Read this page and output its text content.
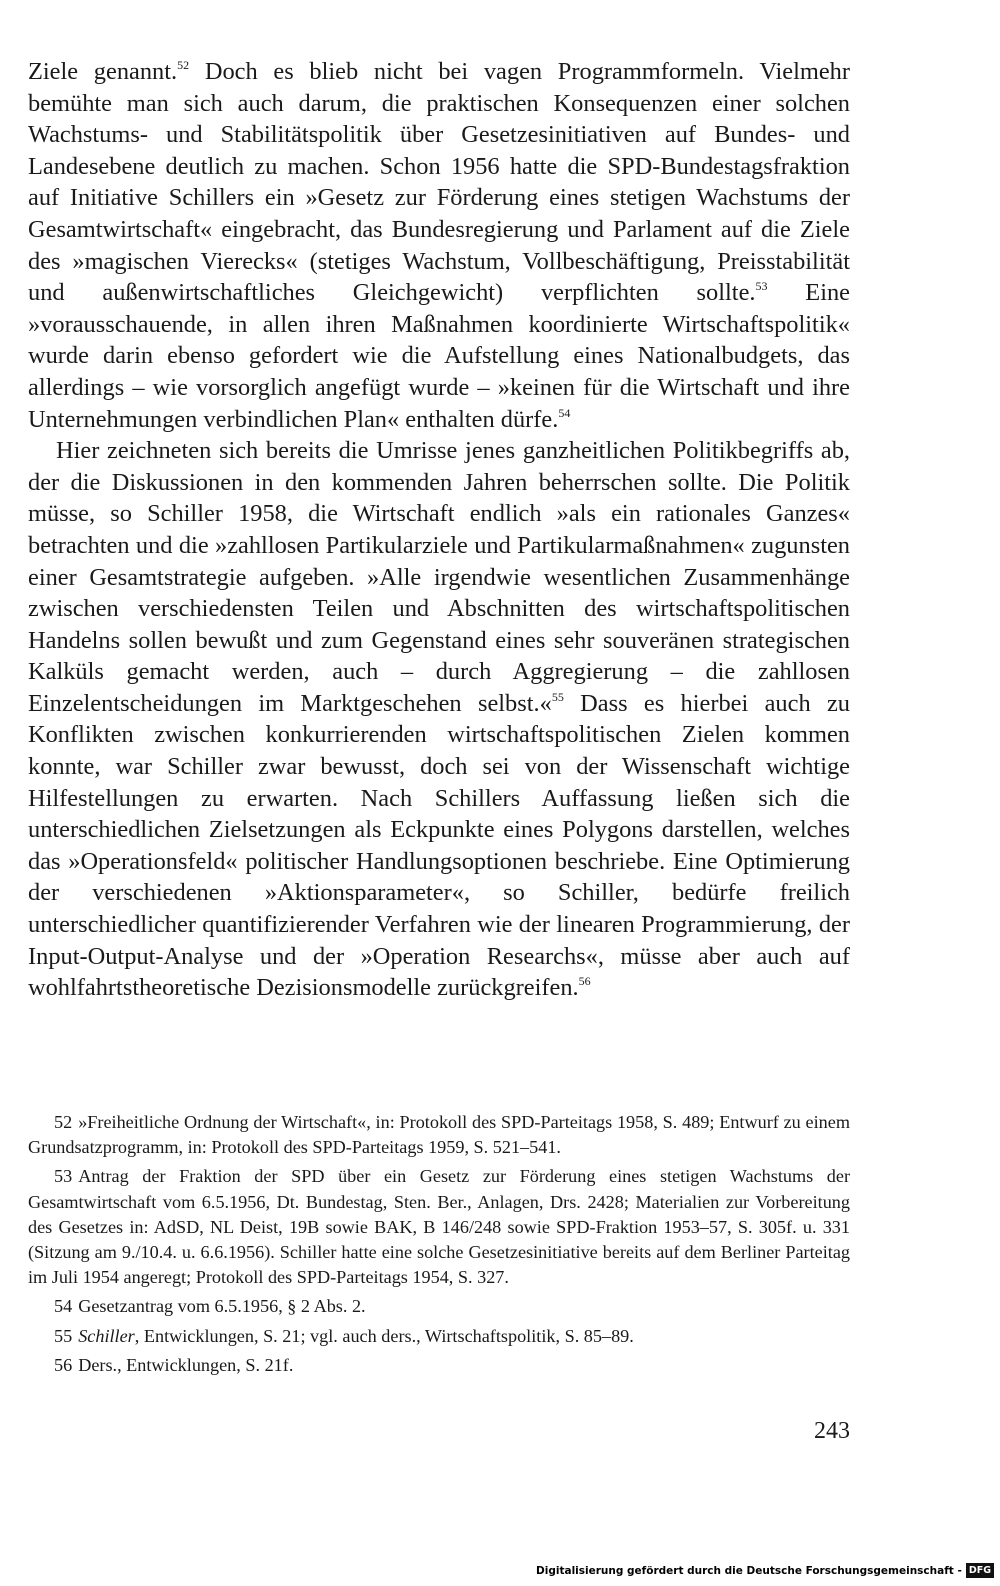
Ziele genannt.$^{52}$ Doch es blieb nicht bei vagen Programmformeln. Vielmehr bemühte man sich auch darum, die praktischen Konsequenzen einer solchen Wachstums- und Stabilitätspolitik über Gesetzesinitiativen auf Bundes- und Landesebene deutlich zu machen. Schon 1956 hatte die SPD-Bundestagsfraktion auf Initiative Schillers ein »Gesetz zur Förderung eines stetigen Wachstums der Gesamtwirtschaft« eingebracht, das Bundesregierung und Parlament auf die Ziele des »magischen Vierecks« (stetiges Wachstum, Vollbeschäftigung, Preisstabilität und außenwirtschaftliches Gleichgewicht) verpflichten sollte.$^{53}$ Eine »vorausschauende, in allen ihren Maßnahmen koordinierte Wirtschaftspolitik« wurde darin ebenso gefordert wie die Aufstellung eines Nationalbudgets, das allerdings – wie vorsorglich angefügt wurde – »keinen für die Wirtschaft und ihre Unternehmungen verbindlichen Plan« enthalten dürfe.$^{54}$

Hier zeichneten sich bereits die Umrisse jenes ganzheitlichen Politikbegriffs ab, der die Diskussionen in den kommenden Jahren beherrschen sollte. Die Politik müsse, so Schiller 1958, die Wirtschaft endlich »als ein rationales Ganzes« betrachten und die »zahllosen Partikularziele und Partikularmaßnahmen« zugunsten einer Gesamtstrategie aufgeben. »Alle irgendwie wesentlichen Zusammenhänge zwischen verschiedensten Teilen und Abschnitten des wirtschaftspolitischen Handelns sollen bewußt und zum Gegenstand eines sehr souveränen strategischen Kalküls gemacht werden, auch – durch Aggregierung – die zahllosen Einzelentscheidungen im Marktgeschehen selbst.«$^{55}$ Dass es hierbei auch zu Konflikten zwischen konkurrierenden wirtschaftspolitischen Zielen kommen konnte, war Schiller zwar bewusst, doch sei von der Wissenschaft wichtige Hilfestellungen zu erwarten. Nach Schillers Auffassung ließen sich die unterschiedlichen Zielsetzungen als Eckpunkte eines Polygons darstellen, welches das »Operationsfeld« politischer Handlungsoptionen beschriebe. Eine Optimierung der verschiedenen »Aktionsparameter«, so Schiller, bedürfe freilich unterschiedlicher quantifizierender Verfahren wie der linearen Programmierung, der Input-Output-Analyse und der »Operation Researchs«, müsse aber auch auf wohlfahrtstheoretische Dezisionsmodelle zurückgreifen.$^{56}$

52 »Freiheitliche Ordnung der Wirtschaft«, in: Protokoll des SPD-Parteitags 1958, S. 489; Entwurf zu einem Grundsatzprogramm, in: Protokoll des SPD-Parteitags 1959, S. 521–541.

53 Antrag der Fraktion der SPD über ein Gesetz zur Förderung eines stetigen Wachstums der Gesamtwirtschaft vom 6.5.1956, Dt. Bundestag, Sten. Ber., Anlagen, Drs. 2428; Materialien zur Vorbereitung des Gesetzes in: AdSD, NL Deist, 19B sowie BAK, B 146/248 sowie SPD-Fraktion 1953–57, S. 305f. u. 331 (Sitzung am 9./10.4. u. 6.6.1956). Schiller hatte eine solche Gesetzesinitiative bereits auf dem Berliner Parteitag im Juli 1954 angeregt; Protokoll des SPD-Parteitags 1954, S. 327.

54 Gesetzantrag vom 6.5.1956, § 2 Abs. 2.

55 Schiller, Entwicklungen, S. 21; vgl. auch ders., Wirtschaftspolitik, S. 85–89.

56 Ders., Entwicklungen, S. 21f.

243
Digitalisierung gefördert durch die Deutsche Forschungsgemeinschaft - DFG
